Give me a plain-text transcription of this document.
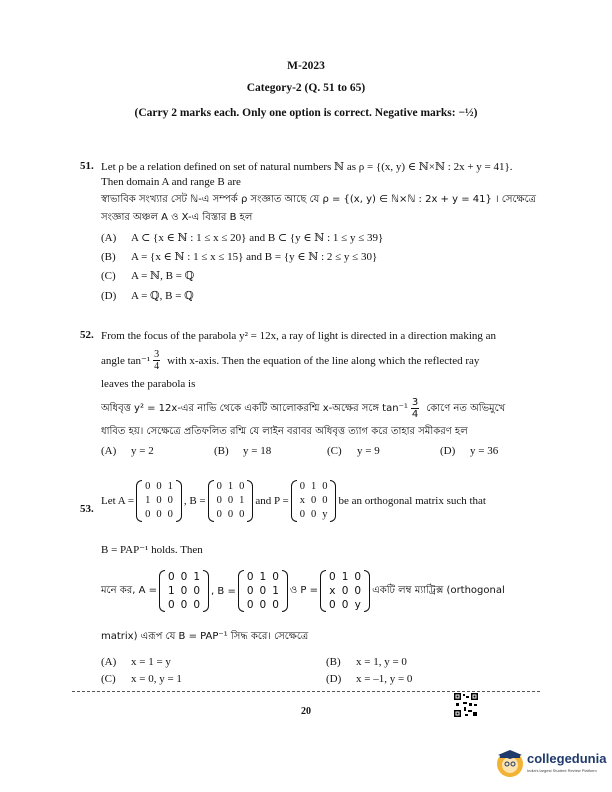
M-2023
Category-2 (Q. 51 to 65)
(Carry 2 marks each. Only one option is correct. Negative marks: −½)
51. Let ρ be a relation defined on set of natural numbers ℕ as ρ = {(x, y) ∈ ℕ×ℕ : 2x + y = 41}.
Then domain A and range B are
স্বাভাবিক সংখ্যার সেট ℕ-এ সম্পর্ক ρ সংজ্ঞাত আছে যে ρ = {(x, y) ∈ ℕ×ℕ : 2x + y = 41} । সেক্ষেত্রে
সংজ্ঞার অঞ্চল A ও X-এ বিস্তার B হল
(A) A ⊂ {x ∈ ℕ : 1 ≤ x ≤ 20} and B ⊂ {y ∈ ℕ : 1 ≤ y ≤ 39}
(B) A = {x ∈ ℕ : 1 ≤ x ≤ 15} and B = {y ∈ ℕ : 2 ≤ y ≤ 30}
(C) A = ℕ, B = ℚ
(D) A = ℚ, B = ℚ
52. From the focus of the parabola y² = 12x, a ray of light is directed in a direction making an
angle $\tan^{-1} \frac{3}{4}$ with x-axis. Then the equation of the line along which the reflected ray
leaves the parabola is
অধিবৃত্ত y² = 12x-এর নাভি থেকে একটি আলোকরশ্মি x-অক্ষের সঙ্গে $\tan^{-1} \frac{3}{4}$ কোণে নত অভিমুখে
ধাবিত হয়। সেক্ষেত্রে প্রতিফলিত রশ্মি যে লাইন বরাবর অধিবৃত্ত ত্যাগ করে তাহার সমীকরণ হল
(A) y = 2	(B) y = 18	(C) y = 9	(D) y = 36
53.
Let A =
0	0	1
1	0	0
0	0	0
, B =
0	1	0
0	0	1
0	0	0
and P =
0	1	0
x	0	0
0	0	y
be an orthogonal matrix such that
B = PAP⁻¹ holds. Then
মনে কর, A =
0	0	1
1	0	0
0	0	0
, B =
0	1	0
0	0	1
0	0	0
ও P =
0	1	0
x	0	0
0	0	y
একটি লম্ব ম্যাট্রিক্স (orthogonal
matrix) এরূপ যে B = PAP⁻¹ সিদ্ধ করে। সেক্ষেত্রে
(A) x = 1 = y	(B) x = 1, y = 0
(C) x = 0, y = 1	(D) x = –1, y = 0
20
collegedunia
India's largest Student Review Platform
